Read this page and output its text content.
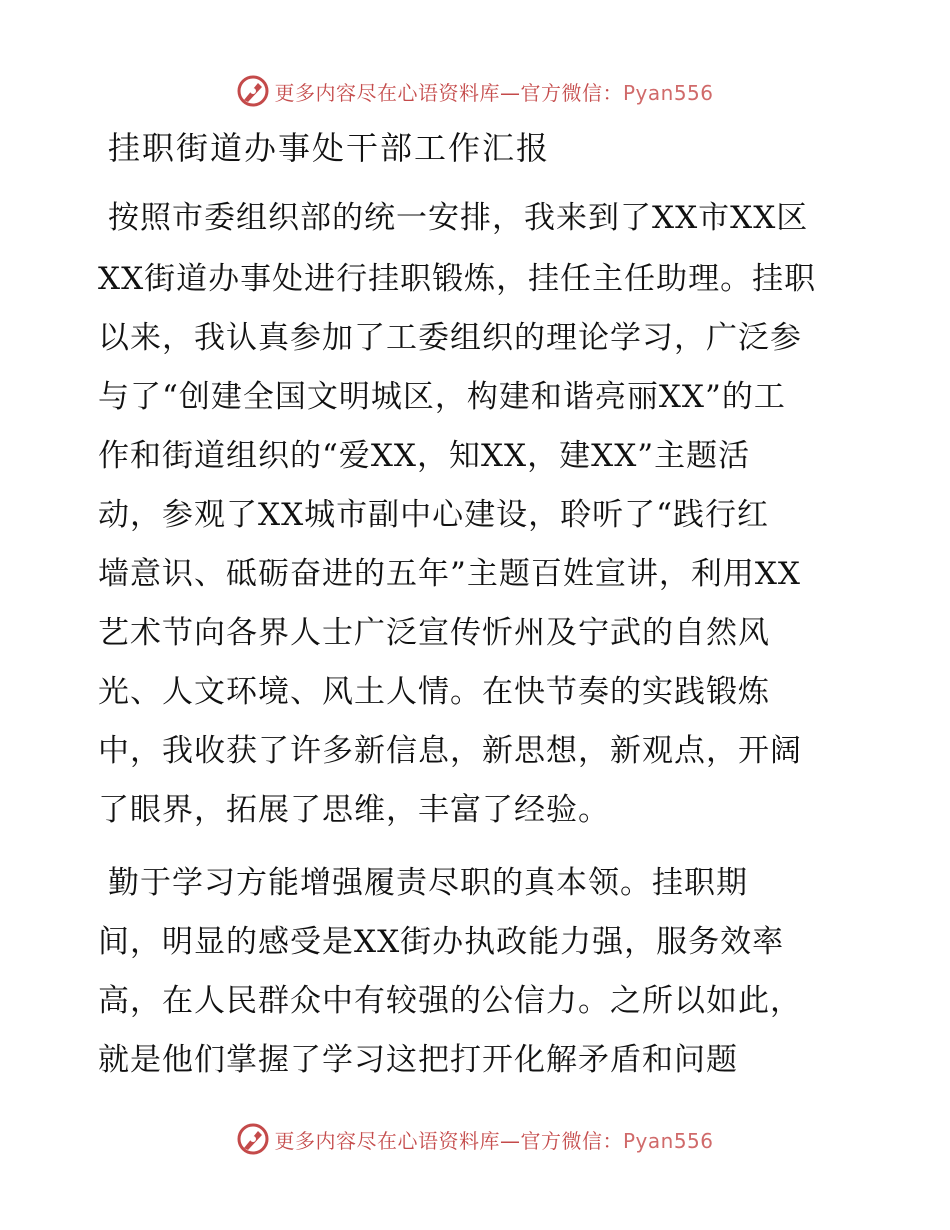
更多内容尽在心语资料库—官方微信：Pyan556
挂职街道办事处干部工作汇报
按照市委组织部的统一安排，我来到了XX市XX区
XX街道办事处进行挂职锻炼，挂任主任助理。挂职
以来，我认真参加了工委组织的理论学习，广泛参
与了“创建全国文明城区，构建和谐亮丽XX”的工
作和街道组织的“爱XX，知XX，建XX”主题活
动，参观了XX城市副中心建设，聆听了“践行红
墙意识、砥砺奋进的五年”主题百姓宣讲，利用XX
艺术节向各界人士广泛宣传忻州及宁武的自然风
光、人文环境、风土人情。在快节奏的实践锻炼
中，我收获了许多新信息，新思想，新观点，开阔
了眼界，拓展了思维，丰富了经验。
勤于学习方能增强履责尽职的真本领。挂职期
间，明显的感受是XX街办执政能力强，服务效率
高，在人民群众中有较强的公信力。之所以如此，
就是他们掌握了学习这把打开化解矛盾和问题
更多内容尽在心语资料库—官方微信：Pyan556
